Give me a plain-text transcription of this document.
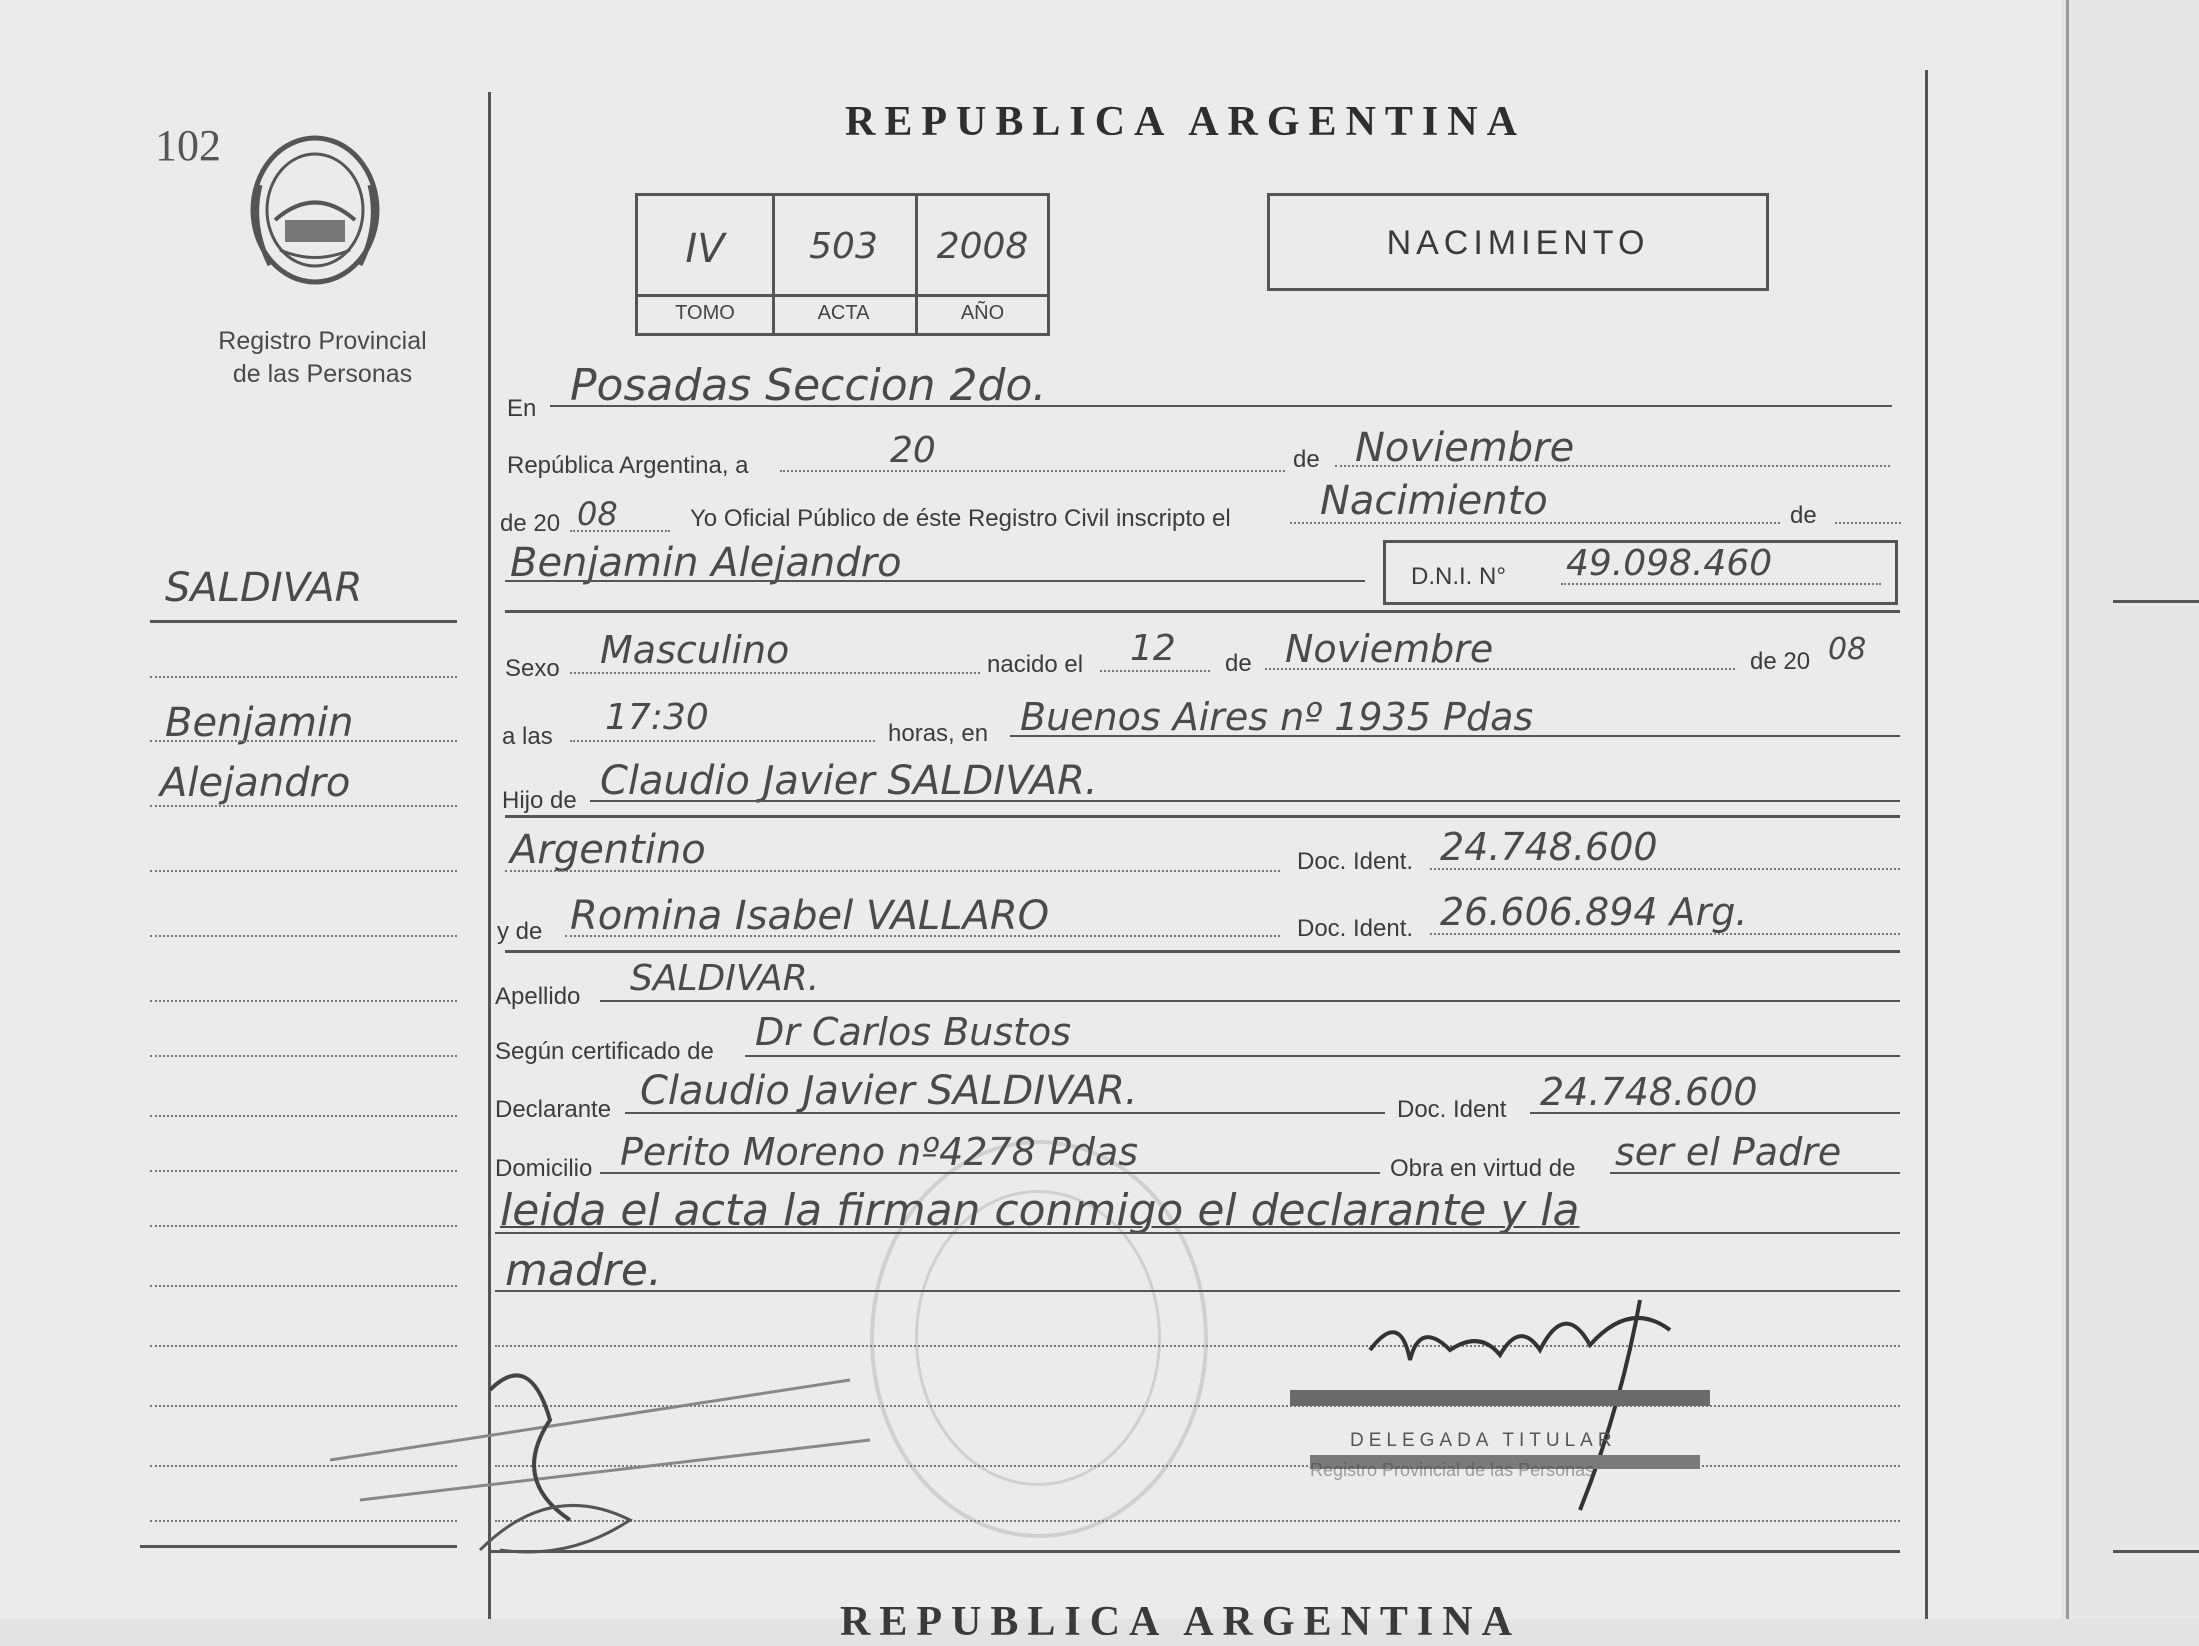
REPUBLICA ARGENTINA
102
Registro Provincial
de las Personas
IV	503	2008
TOMO	ACTA	AÑO
NACIMIENTO
SALDIVAR
Benjamin
Alejandro
En Posadas Seccion 2do.
República Argentina, a	20	de Noviembre
de 20 08	Yo Oficial Público de éste Registro Civil inscripto el Nacimiento	de
Benjamin Alejandro	D.N.I. N° 49.098.460
Sexo Masculino	nacido el 12 de Noviembre	de 20 08
a las 17:30	horas, en Buenos Aires nº 1935 Pdas
Hijo de Claudio Javier SALDIVAR.
Argentino	Doc. Ident. 24.748.600
y de Romina Isabel VALLARO	Doc. Ident. 26.606.894 Arg.
Apellido SALDIVAR.
Según certificado de Dr Carlos Bustos
Declarante Claudio Javier SALDIVAR.	Doc. Ident 24.748.600
Domicilio Perito Moreno nº4278 Pdas	Obra en virtud de ser el Padre
leida el acta la firman conmigo el declarante y la
madre.
DELEGADA TITULAR
Registro Provincial de las Personas
REPUBLICA ARGENTINA
